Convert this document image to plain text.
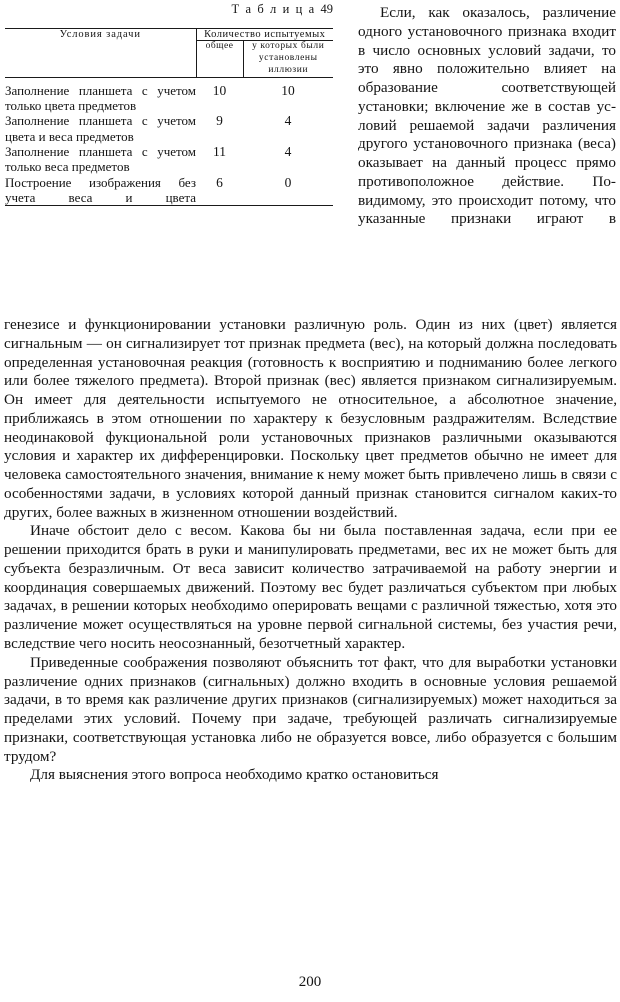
Т а б л и ц а 49
Условия задачи	Количество испытуемых	
	общее	у которых были установлены иллюзии
Заполнение планшета с учетом только цвета предметов	10	10
Заполнение планшета с учетом цвета и веса предметов	9	4
Заполнение планшета с учетом только веса предметов	11	4
Построение изображения без учета веса и цвета	6	0
Если, как оказалось, различение одного установочного признака входит в число основных условий задачи, то это явно положительно влияет на образование соответствующей установки; включение же в состав условий решаемой задачи различения другого установочного признака (веса) оказывает на данный процесс прямо противоположное действие. По-видимому, это происходит потому, что указанные признаки играют в

генезисе и функционировании установки различную роль. Один из них (цвет) является сигнальным — он сигнализирует тот признак предмета (вес), на который должна последовать определенная установочная реакция (готовность к восприятию и подниманию более легкого или более тяжелого предмета). Второй признак (вес) является признаком сигнализируемым. Он имеет для деятельности испытуемого не относительное, а абсолютное значение, приближаясь в этом отношении по характеру к безусловным раздражителям. Вследствие неодинаковой фукциональной роли установочных признаков различными оказываются условия и характер их дифференцировки. Поскольку цвет предметов обычно не имеет для человека самостоятельного значения, внимание к нему может быть привлечено лишь в связи с особенностями задачи, в условиях которой данный признак становится сигналом каких-то других, более важных в жизненном отношении воздействий.

Иначе обстоит дело с весом. Какова бы ни была поставленная задача, если при ее решении приходится брать в руки и манипулировать предметами, вес их не может быть для субъекта безразличным. От веса зависит количество затрачиваемой на работу энергии и координация совершаемых движений. Поэтому вес будет различаться субъектом при любых задачах, в решении которых необходимо оперировать вещами с различной тяжестью, хотя это различение может осуществляться на уровне первой сигнальной системы, без участия речи, вследствие чего носить неосознанный, безотчетный характер.

Приведенные соображения позволяют объяснить тот факт, что для выработки установки различение одних признаков (сигнальных) должно входить в основные условия решаемой задачи, в то время как различение других признаков (сигнализируемых) может находиться за пределами этих условий. Почему при задаче, требующей различать сигнализируемые признаки, соответствующая установка либо не образуется вовсе, либо образуется с большим трудом?

Для выяснения этого вопроса необходимо кратко остановиться

200
